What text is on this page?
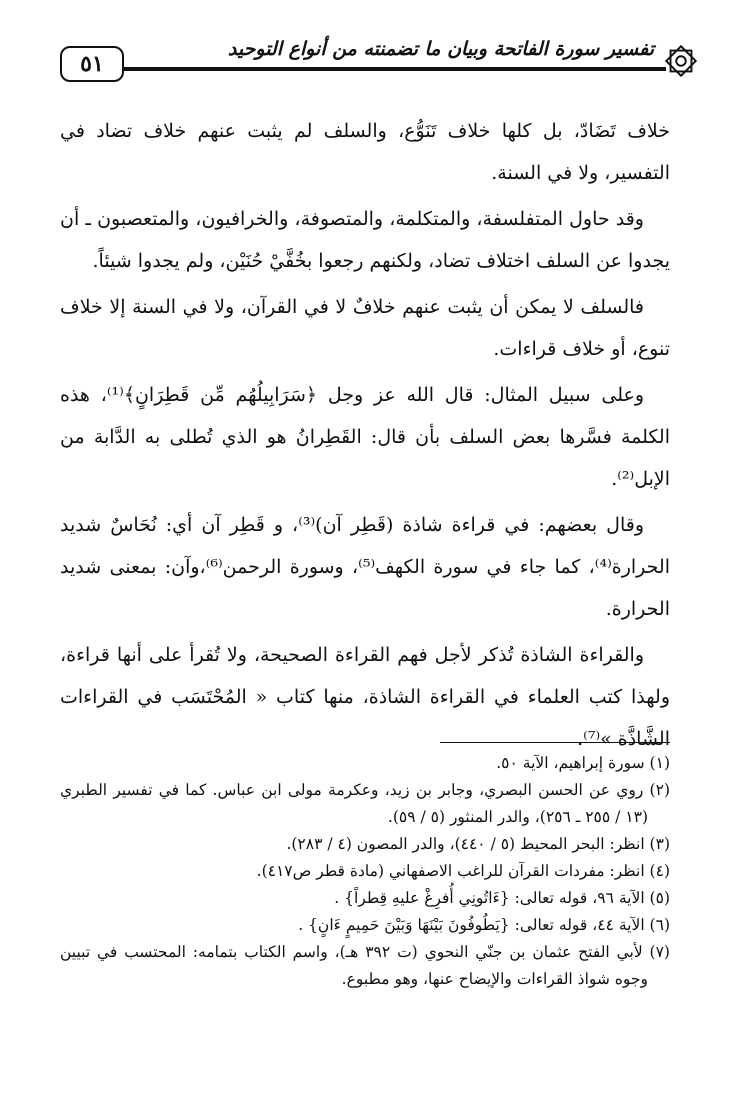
٥١
تفسير سورة الفاتحة وبيان ما تضمنته من أنواع التوحيد

خلاف تَضَادّ، بل كلها خلاف تَنَوُّع، والسلف لم يثبت عنهم خلاف تضاد في التفسير، ولا في السنة.

وقد حاول المتفلسفة، والمتكلمة، والمتصوفة، والخرافيون، والمتعصبون ـ أن يجدوا عن السلف اختلاف تضاد، ولكنهم رجعوا بخُفَّيْ حُنَيْن، ولم يجدوا شيئاً.

فالسلف لا يمكن أن يثبت عنهم خلافٌ لا في القرآن، ولا في السنة إلا خلاف تنوع، أو خلاف قراءات.

وعلى سبيل المثال: قال الله عز وجل ﴿سَرَابِيلُهُم مِّن قَطِرَانٍ﴾⁽¹⁾، هذه الكلمة فسَّرها بعض السلف بأن قال: القَطِرانُ هو الذي تُطلى به الدَّابة من الإبل⁽²⁾.

وقال بعضهم: في قراءة شاذة (قَطِر آن)⁽³⁾، و قَطِر آن أي: نُحَاسٌ شديد الحرارة⁽⁴⁾، كما جاء في سورة الكهف⁽⁵⁾، وسورة الرحمن⁽⁶⁾،وآن: بمعنى شديد الحرارة.

والقراءة الشاذة تُذكر لأجل فهم القراءة الصحيحة، ولا تُقرأ على أنها قراءة، ولهذا كتب العلماء في القراءة الشاذة، منها كتاب « المُحْتَسَب في القراءات الشَّاذَّة »⁽⁷⁾.

(١) سورة إبراهيم، الآية ٥٠.

(٢) روي عن الحسن البصري، وجابر بن زيد، وعكرمة مولى ابن عباس. كما في تفسير الطبري (١٣ / ٢٥٥ ـ ٢٥٦)، والدر المنثور (٥ / ٥٩).

(٣) انظر: البحر المحيط (٥ / ٤٤٠)، والدر المصون (٤ / ٢٨٣).

(٤) انظر: مفردات القرآن للراغب الاصفهاني (مادة قطر ص٤١٧).

(٥) الآية ٩٦، قوله تعالى: {ءَاتُونِي أُفرِغْ عليهِ قِطراً} .

(٦) الآية ٤٤، قوله تعالى: {يَطُوفُونَ بَيْنَهَا وَبَيْنَ حَمِيمٍ ءَانٍ} .

(٧) لأبي الفتح عثمان بن جنّي النحوي (ت ٣٩٢ هـ)، واسم الكتاب بتمامه: المحتسب في تبيين وجوه شواذ القراءات والإيضاح عنها، وهو مطبوع.
